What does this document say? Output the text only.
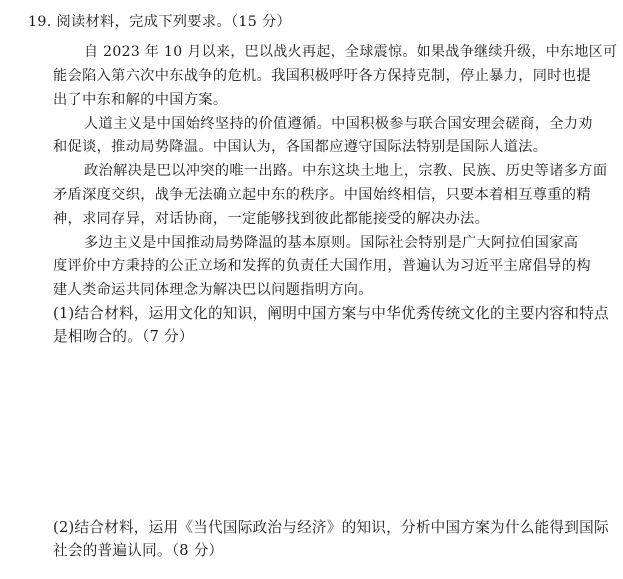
19. 阅读材料，完成下列要求。（15 分）
自 2023 年 10 月以来，巴以战火再起，全球震惊。如果战争继续升级，中东地区可
能会陷入第六次中东战争的危机。我国积极呼吁各方保持克制，停止暴力，同时也提
出了中东和解的中国方案。
人道主义是中国始终坚持的价值遵循。中国积极参与联合国安理会磋商，全力劝
和促谈，推动局势降温。中国认为，各国都应遵守国际法特别是国际人道法。
政治解决是巴以冲突的唯一出路。中东这块土地上，宗教、民族、历史等诸多方面
矛盾深度交织，战争无法确立起中东的秩序。中国始终相信，只要本着相互尊重的精
神，求同存异，对话协商，一定能够找到彼此都能接受的解决办法。
多边主义是中国推动局势降温的基本原则。国际社会特别是广大阿拉伯国家高
度评价中方秉持的公正立场和发挥的负责任大国作用，普遍认为习近平主席倡导的构
建人类命运共同体理念为解决巴以问题指明方向。
(1)结合材料，运用文化的知识，阐明中国方案与中华优秀传统文化的主要内容和特点
是相吻合的。（7 分）
(2)结合材料，运用《当代国际政治与经济》的知识，分析中国方案为什么能得到国际
社会的普遍认同。（8 分）
